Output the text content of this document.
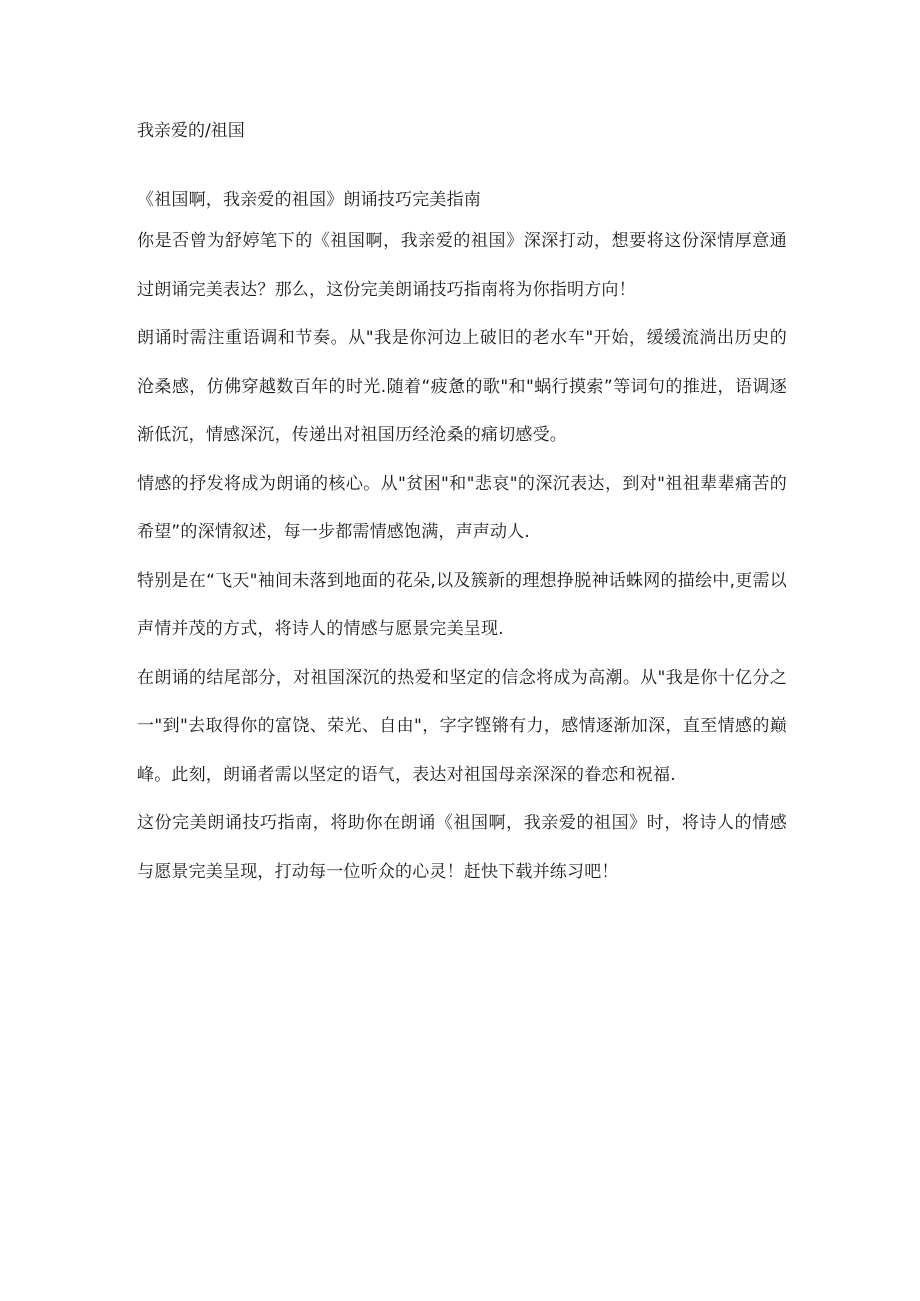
我亲爱的/祖国

《祖国啊，我亲爱的祖国》朗诵技巧完美指南

你是否曾为舒婷笔下的《祖国啊，我亲爱的祖国》深深打动，想要将这份深情厚意通过朗诵完美表达？那么，这份完美朗诵技巧指南将为你指明方向！

朗诵时需注重语调和节奏。从"我是你河边上破旧的老水车"开始，缓缓流淌出历史的沧桑感，仿佛穿越数百年的时光.随着“疲惫的歌"和"蜗行摸索”等词句的推进，语调逐渐低沉，情感深沉，传递出对祖国历经沧桑的痛切感受。

情感的抒发将成为朗诵的核心。从"贫困"和"悲哀"的深沉表达，到对"祖祖辈辈痛苦的希望”的深情叙述，每一步都需情感饱满，声声动人.

特别是在“飞天"袖间未落到地面的花朵,以及簇新的理想挣脱神话蛛网的描绘中,更需以声情并茂的方式，将诗人的情感与愿景完美呈现.

在朗诵的结尾部分，对祖国深沉的热爱和坚定的信念将成为高潮。从"我是你十亿分之一"到"去取得你的富饶、荣光、自由"，字字铿锵有力，感情逐渐加深，直至情感的巅峰。此刻，朗诵者需以坚定的语气，表达对祖国母亲深深的眷恋和祝福.

这份完美朗诵技巧指南，将助你在朗诵《祖国啊，我亲爱的祖国》时，将诗人的情感与愿景完美呈现，打动每一位听众的心灵！赶快下载并练习吧！
